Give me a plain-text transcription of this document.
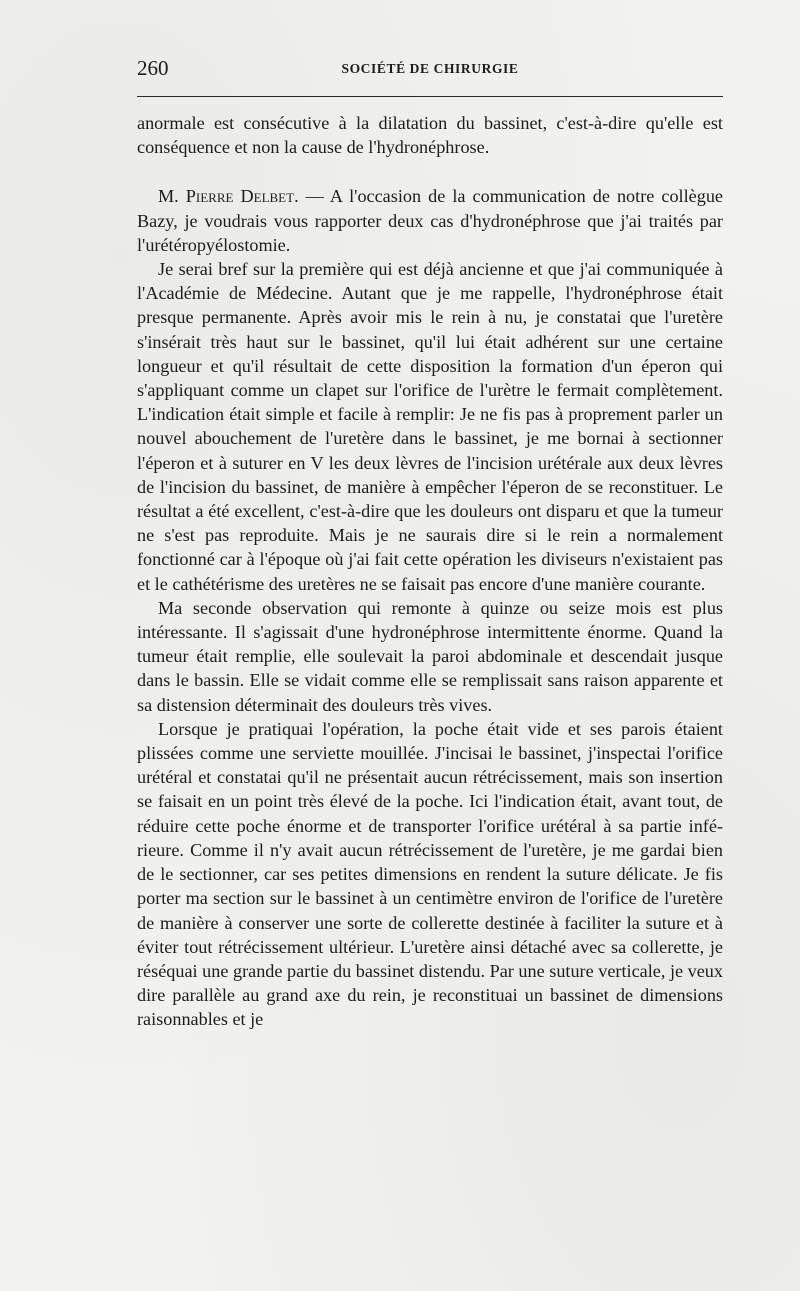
260	SOCIÉTÉ DE CHIRURGIE

anormale est consécutive à la dilatation du bassinet, c'est-à-dire qu'elle est conséquence et non la cause de l'hydronéphrose.

M. Pierre Delbet. — A l'occasion de la communication de notre collègue Bazy, je voudrais vous rapporter deux cas d'hydronéphrose que j'ai traités par l'urétéropyélostomie.

Je serai bref sur la première qui est déjà ancienne et que j'ai communiquée à l'Académie de Médecine. Autant que je me rappelle, l'hydronéphrose était presque permanente. Après avoir mis le rein à nu, je constatai que l'uretère s'insérait très haut sur le bassinet, qu'il lui était adhérent sur une certaine longueur et qu'il résultait de cette disposition la formation d'un éperon qui s'appliquant comme un clapet sur l'orifice de l'urètre le fermait complètement. L'indication était simple et facile à remplir: Je ne fis pas à proprement parler un nouvel abouchement de l'uretère dans le bassinet, je me bornai à sectionner l'éperon et à suturer en V les deux lèvres de l'incision urétérale aux deux lèvres de l'incision du bassinet, de manière à empêcher l'éperon de se reconstituer. Le résultat a été excellent, c'est-à-dire que les douleurs ont disparu et que la tumeur ne s'est pas reproduite. Mais je ne saurais dire si le rein a normalement fonctionné car à l'époque où j'ai fait cette opération les diviseurs n'existaient pas et le cathétérisme des uretères ne se faisait pas encore d'une manière courante.

Ma seconde observation qui remonte à quinze ou seize mois est plus intéressante. Il s'agissait d'une hydronéphrose intermittente énorme. Quand la tumeur était remplie, elle soulevait la paroi abdominale et descendait jusque dans le bassin. Elle se vidait comme elle se remplissait sans raison apparente et sa distension déterminait des douleurs très vives.

Lorsque je pratiquai l'opération, la poche était vide et ses parois étaient plissées comme une serviette mouillée. J'incisai le bassinet, j'inspectai l'orifice urétéral et constatai qu'il ne présentait aucun rétrécissement, mais son insertion se faisait en un point très élevé de la poche. Ici l'indication était, avant tout, de réduire cette poche énorme et de transporter l'orifice urétéral à sa partie inférieure. Comme il n'y avait aucun rétrécissement de l'uretère, je me gardai bien de le sectionner, car ses petites dimensions en rendent la suture délicate. Je fis porter ma section sur le bassinet à un centimètre environ de l'orifice de l'uretère de manière à conserver une sorte de collerette destinée à faciliter la suture et à éviter tout rétrécissement ultérieur. L'uretère ainsi détaché avec sa collerette, je réséquai une grande partie du bassinet distendu. Par une suture verticale, je veux dire parallèle au grand axe du rein, je reconstituai un bassinet de dimensions raisonnables et je
